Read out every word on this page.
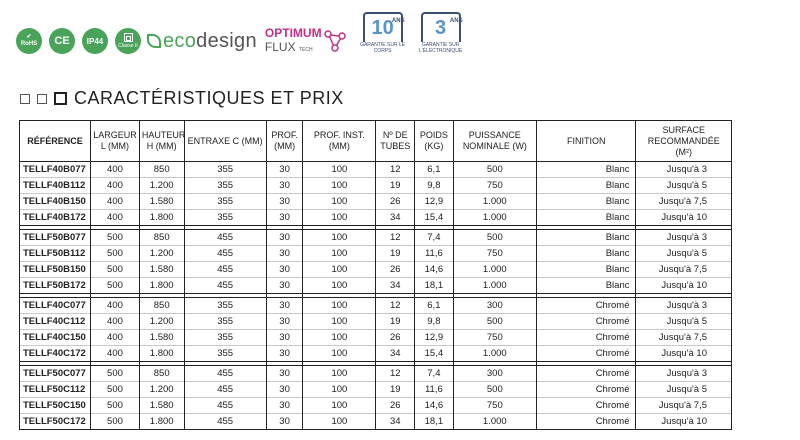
✔
RoHS	CE	IP44
Classe II ecodesign OPTIMUM
FLUX TECH
10
ANS
GARANTIE SUR LE CORPS
3 ANS
GARANTIE SUR L'ÉLECTRONIQUE
CARACTÉRISTIQUES ET PRIX
RÉFÉRENCE	LARGEUR L (MM)	HAUTEUR H (MM)	ENTRAXE C (MM)	PROF. (MM)	PROF. INST. (MM)	Nº DE TUBES	POIDS (KG)	PUISSANCE NOMINALE (W)	FINITION	SURFACE RECOMMANDÉE (M²)
TELLF40B077	400	850	355	30	100	12	6,1	500	Blanc	Jusqu'à 3
TELLF40B112	400	1.200	355	30	100	19	9,8	750	Blanc	Jusqu'à 5
TELLF40B150	400	1.580	355	30	100	26	12,9	1.000	Blanc	Jusqu'à 7,5
TELLF40B172	400	1.800	355	30	100	34	15,4	1.000	Blanc	Jusqu'à 10

TELLF50B077	500	850	455	30	100	12	7,4	500	Blanc	Jusqu'à 3
TELLF50B112	500	1.200	455	30	100	19	11,6	750	Blanc	Jusqu'à 5
TELLF50B150	500	1.580	455	30	100	26	14,6	1.000	Blanc	Jusqu'à 7,5
TELLF50B172	500	1.800	455	30	100	34	18,1	1.000	Blanc	Jusqu'à 10

TELLF40C077	400	850	355	30	100	12	6,1	300	Chromé	Jusqu'à 3
TELLF40C112	400	1.200	355	30	100	19	9,8	500	Chromé	Jusqu'à 5
TELLF40C150	400	1.580	355	30	100	26	12,9	750	Chromé	Jusqu'à 7,5
TELLF40C172	400	1.800	355	30	100	34	15,4	1.000	Chromé	Jusqu'à 10

TELLF50C077	500	850	455	30	100	12	7,4	300	Chromé	Jusqu'à 3
TELLF50C112	500	1.200	455	30	100	19	11,6	500	Chromé	Jusqu'à 5
TELLF50C150	500	1.580	455	30	100	26	14,6	750	Chromé	Jusqu'à 7,5
TELLF50C172	500	1.800	455	30	100	34	18,1	1.000	Chromé	Jusqu'à 10
